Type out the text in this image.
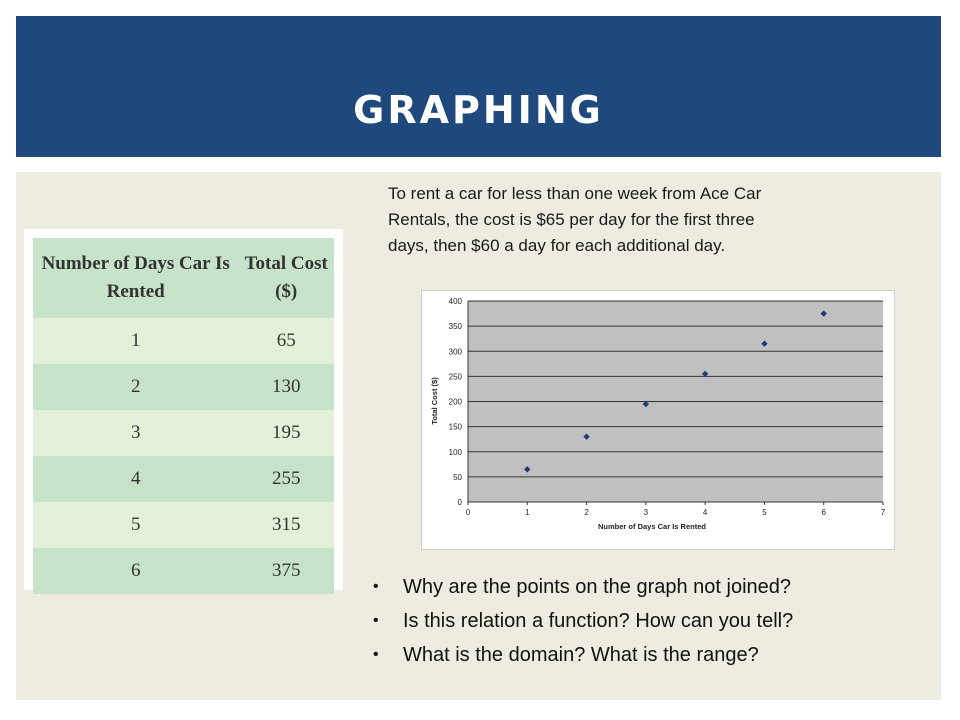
GRAPHING
Number of Days Car Is Rented	Total Cost ($)
1	65
2	130
3	195
4	255
5	315
6	375
To rent a car for less than one week from Ace Car
Rentals, the cost is $65 per day for the first three
days, then $60 a day for each additional day.
0
50
100
150
200
250
300
350
400
0	1	2	3	4	5	6	7
Number of Days Car Is Rented
Total Cost ($)
• Why are the points on the graph not joined?
• Is this relation a function? How can you tell?
• What is the domain? What is the range?
